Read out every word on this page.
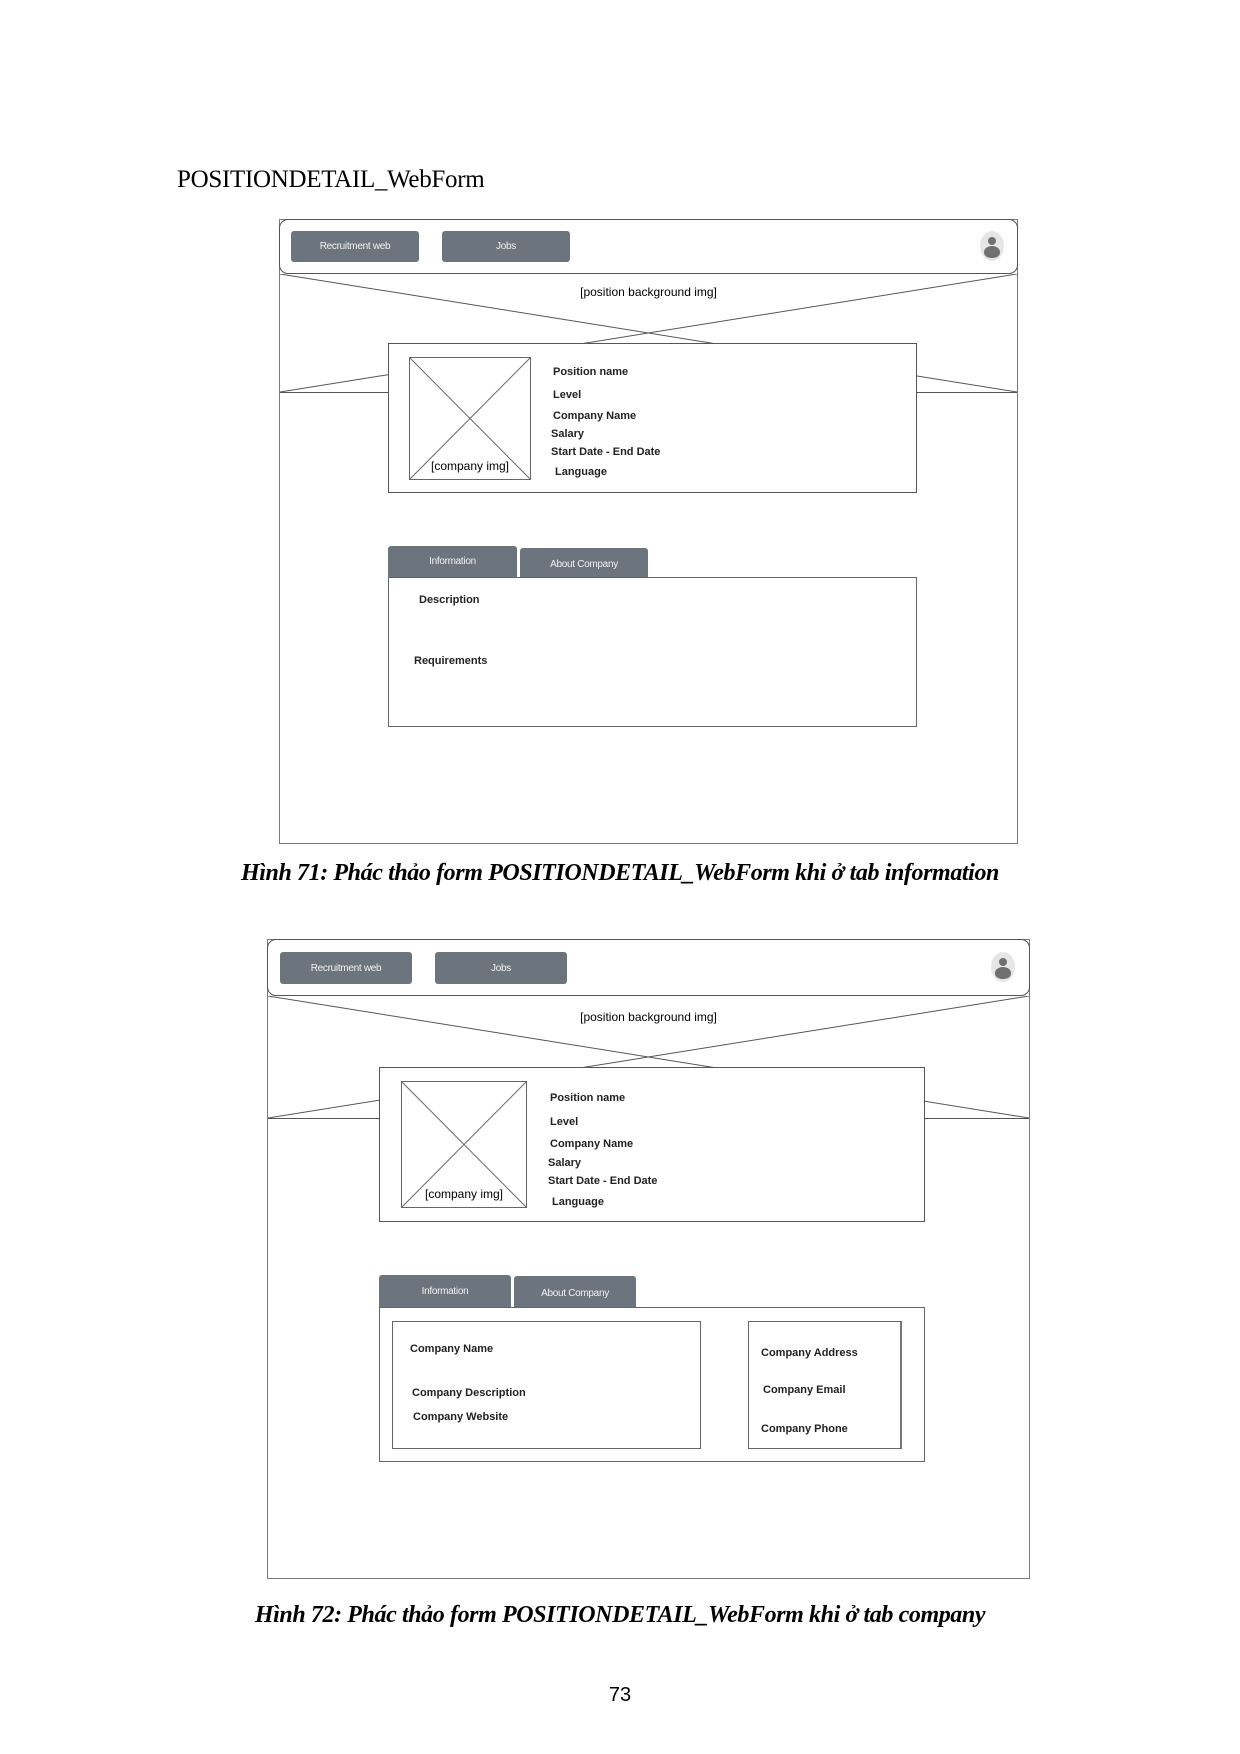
POSITIONDETAIL_WebForm
Recruitment web	Jobs
[position background img]
[company img]
Position name
Level
Company Name
Salary
Start Date - End Date
Language
Information	About Company
Description
Requirements
Hình 71: Phác thảo form POSITIONDETAIL_WebForm khi ở tab information
Recruitment web	Jobs
[position background img]
[company img]
Position name
Level
Company Name
Salary
Start Date - End Date
Language
Information	About Company
Company Name
Company Description
Company Website
Company Address
Company Email
Company Phone
Hình 72: Phác thảo form POSITIONDETAIL_WebForm khi ở tab company
73
